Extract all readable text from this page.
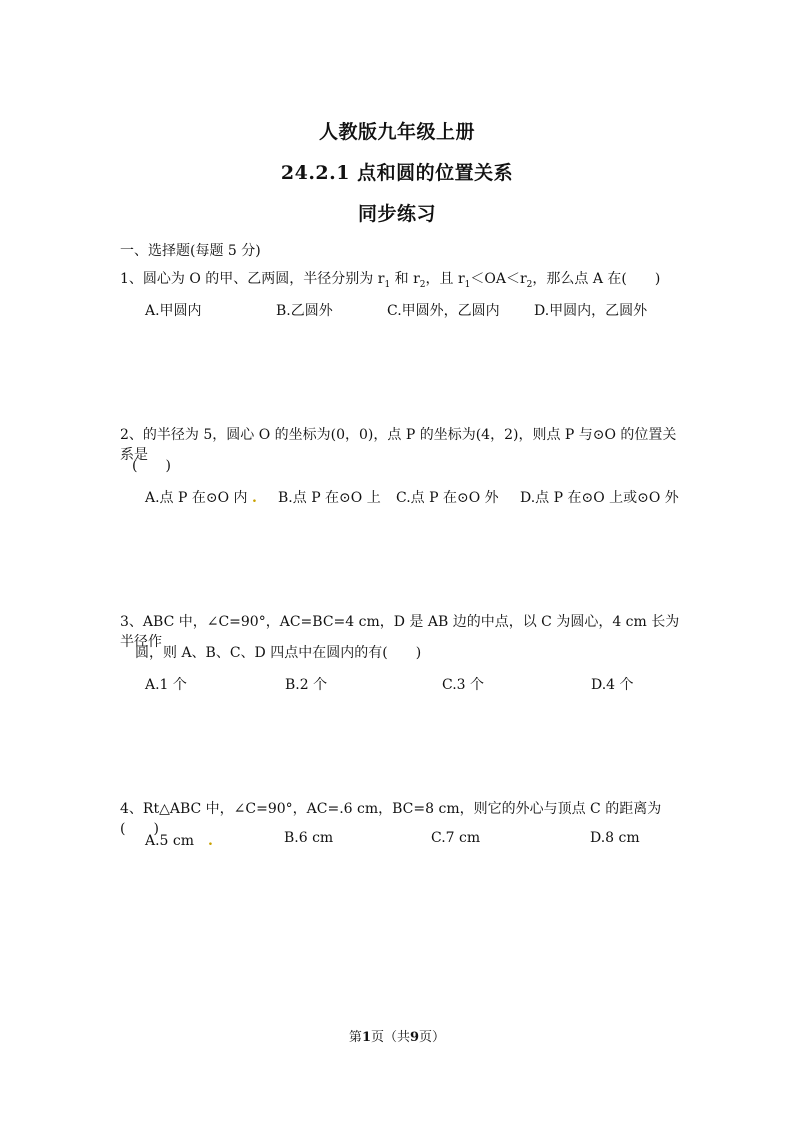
人教版九年级上册
24.2.1 点和圆的位置关系
同步练习
一、选择题(每题 5 分)
1、圆心为 O 的甲、乙两圆，半径分别为 $r_1$ 和 $r_2$，且 $r_1<OA<r_2$，那么点 A 在(　　)
A.甲圆内	B.乙圆外	C.甲圆外，乙圆内 D.甲圆内，乙圆外
2、的半径为 5，圆心 O 的坐标为(0，0)，点 P 的坐标为(4，2)，则点 P 与⊙O 的位置关系是
(　　)
A.点 P 在⊙O 内 . B.点 P 在⊙O 上 C.点 P 在⊙O 外 D.点 P 在⊙O 上或⊙O 外
3、ABC 中，∠C=90°，AC=BC=4 cm，D 是 AB 边的中点，以 C 为圆心，4 cm 长为半径作
圆，则 A、B、C、D 四点中在圆内的有(　　)
A.1 个	B.2 个	C.3 个	D.4 个
4、Rt△ABC 中，∠C=90°，AC=.6 cm，BC=8 cm，则它的外心与顶点 C 的距离为(　　)
A.5 cm　 .	B.6 cm	C.7 cm	D.8 cm
第1页（共9页）
